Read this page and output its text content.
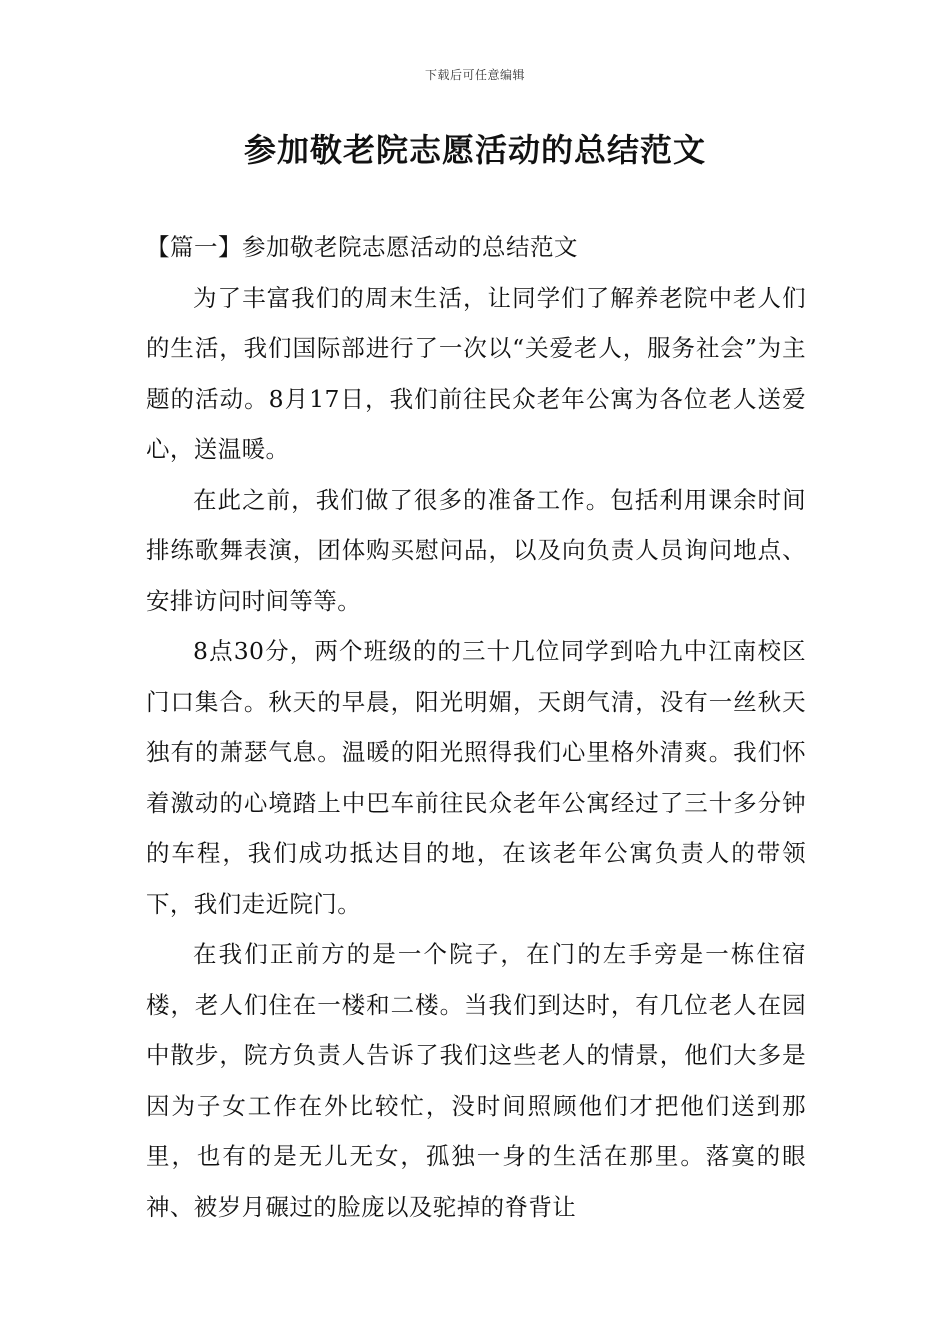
下载后可任意编辑
参加敬老院志愿活动的总结范文

【篇一】参加敬老院志愿活动的总结范文

为了丰富我们的周末生活，让同学们了解养老院中老人们的生活，我们国际部进行了一次以“关爱老人，服务社会”为主题的活动。8月17日，我们前往民众老年公寓为各位老人送爱心，送温暖。

在此之前，我们做了很多的准备工作。包括利用课余时间排练歌舞表演，团体购买慰问品，以及向负责人员询问地点、安排访问时间等等。

8点30分，两个班级的的三十几位同学到哈九中江南校区门口集合。秋天的早晨，阳光明媚，天朗气清，没有一丝秋天独有的萧瑟气息。温暖的阳光照得我们心里格外清爽。我们怀着激动的心境踏上中巴车前往民众老年公寓经过了三十多分钟的车程，我们成功抵达目的地，在该老年公寓负责人的带领下，我们走近院门。

在我们正前方的是一个院子，在门的左手旁是一栋住宿楼，老人们住在一楼和二楼。当我们到达时，有几位老人在园中散步，院方负责人告诉了我们这些老人的情景，他们大多是因为子女工作在外比较忙，没时间照顾他们才把他们送到那里，也有的是无儿无女，孤独一身的生活在那里。落寞的眼神、被岁月碾过的脸庞以及驼掉的脊背让
